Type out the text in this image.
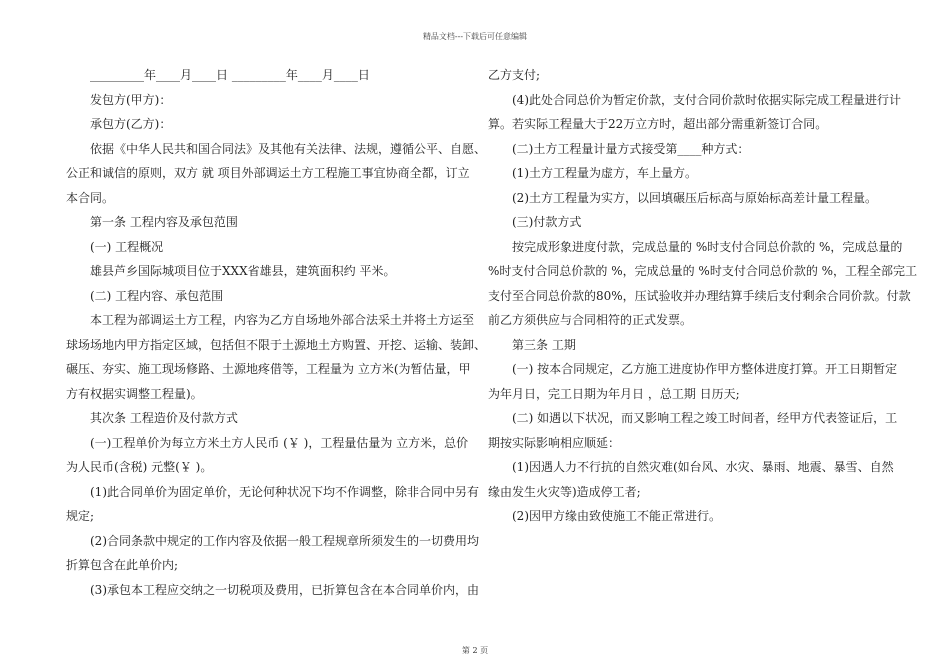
精品文档---下载后可任意编辑

_________年____月____日 _________年____月____日

发包方(甲方)：

承包方(乙方)：

依据《中华人民共和国合同法》及其他有关法律、法规，遵循公平、自愿、

公正和诚信的原则，双方 就 项目外部调运土方工程施工事宜协商全都，订立

本合同。

第一条 工程内容及承包范围

(一) 工程概况

雄县芦乡国际城项目位于XXX省雄县，建筑面积约 平米。

(二) 工程内容、承包范围

本工程为部调运土方工程，内容为乙方自场地外部合法采土并将土方运至

球场场地内甲方指定区域，包括但不限于土源地土方购置、开挖、运输、装卸、

碾压、夯实、施工现场修路、土源地疼借等，工程量为 立方米(为暂估量，甲

方有权据实调整工程量)。

其次条 工程造价及付款方式

(一)工程单价为每立方米土方人民币 (￥ )，工程量估量为 立方米，总价

为人民币(含税) 元整(￥ )。

(1)此合同单价为固定单价，无论何种状况下均不作调整，除非合同中另有

规定;

(2)合同条款中规定的工作内容及依据一般工程规章所须发生的一切费用均

折算包含在此单价内;

(3)承包本工程应交纳之一切税项及费用，已折算包含在本合同单价内，由

乙方支付;

(4)此处合同总价为暂定价款，支付合同价款时依据实际完成工程量进行计

算。若实际工程量大于22万立方时，超出部分需重新签订合同。

(二)土方工程量计量方式接受第____种方式：

(1)土方工程量为虚方，车上量方。

(2)土方工程量为实方，以回填碾压后标高与原始标高差计量工程量。

(三)付款方式

按完成形象进度付款，完成总量的 %时支付合同总价款的 %，完成总量的

%时支付合同总价款的 %，完成总量的 %时支付合同总价款的 %，工程全部完工

支付至合同总价款的80%，压试验收并办理结算手续后支付剩余合同价款。付款

前乙方须供应与合同相符的正式发票。

第三条 工期

(一) 按本合同规定，乙方施工进度协作甲方整体进度打算。开工日期暂定

为年月日，完工日期为年月日 ，总工期 日历天;

(二) 如遇以下状况，而又影响工程之竣工时间者，经甲方代表签证后，工

期按实际影响相应顺延：

(1)因遇人力不行抗的自然灾难(如台风、水灾、暴雨、地震、暴雪、自然

缘由发生火灾等)造成停工者;

(2)因甲方缘由致使施工不能正常进行。

第 2 页
